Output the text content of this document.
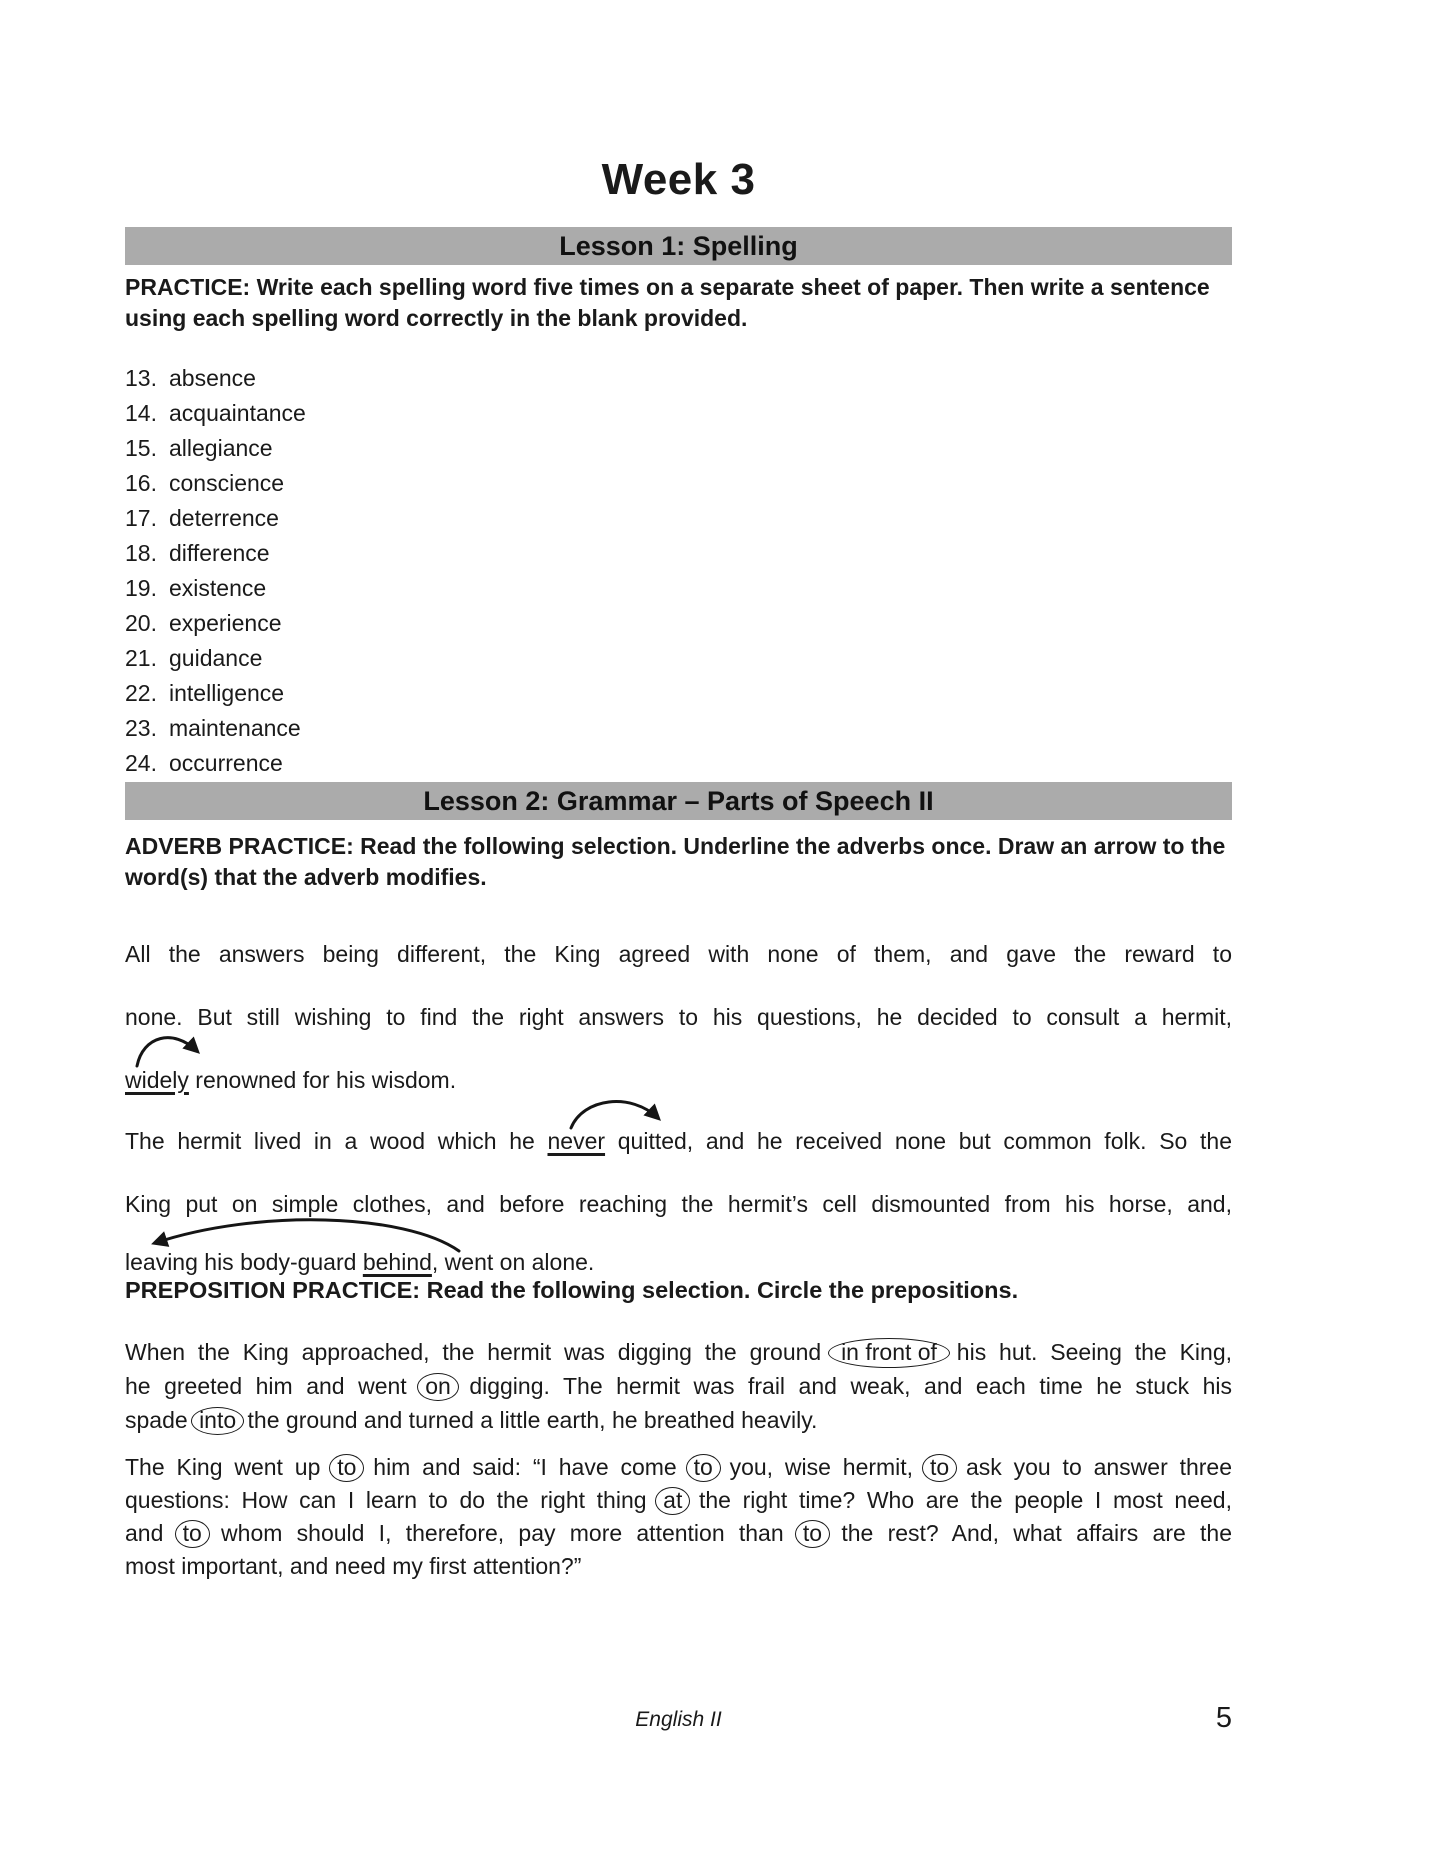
Week 3
Lesson 1: Spelling
PRACTICE: Write each spelling word five times on a separate sheet of paper. Then write a sentence using each spelling word correctly in the blank provided.
13. absence
14. acquaintance
15. allegiance
16. conscience
17. deterrence
18. difference
19. existence
20. experience
21. guidance
22. intelligence
23. maintenance
24. occurrence
Lesson 2: Grammar – Parts of Speech II
ADVERB PRACTICE: Read the following selection. Underline the adverbs once. Draw an arrow to the word(s) that the adverb modifies.
All the answers being different, the King agreed with none of them, and gave the reward to
none. But still wishing to find the right answers to his questions, he decided to consult a hermit,
widely renowned for his wisdom.
The hermit lived in a wood which he never quitted, and he received none but common folk. So the
King put on simple clothes, and before reaching the hermit’s cell dismounted from his horse, and,
leaving his body-guard behind, went on alone.
PREPOSITION PRACTICE: Read the following selection. Circle the prepositions.
When the King approached, the hermit was digging the ground in front of his hut. Seeing the King,
he greeted him and went on digging. The hermit was frail and weak, and each time he stuck his
spade into the ground and turned a little earth, he breathed heavily.
The King went up to him and said: “I have come to you, wise hermit, to ask you to answer three
questions: How can I learn to do the right thing at the right time? Who are the people I most need,
and to whom should I, therefore, pay more attention than to the rest? And, what affairs are the
most important, and need my first attention?”
English II	5
